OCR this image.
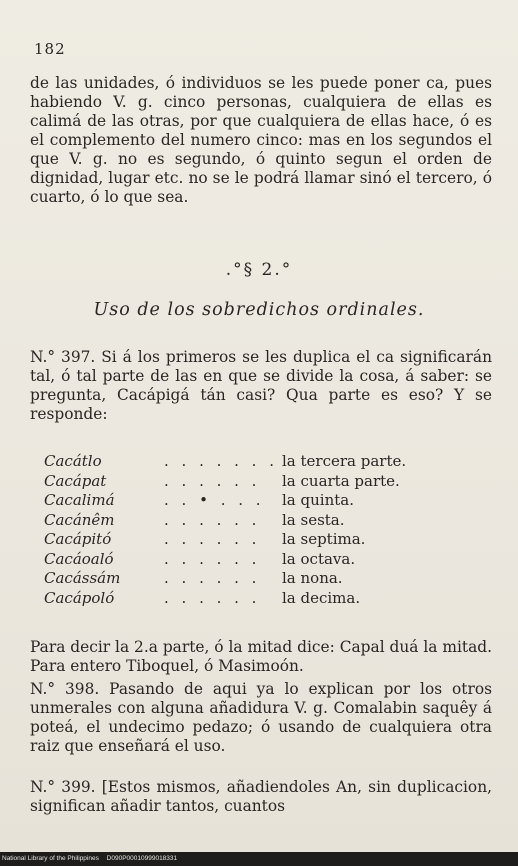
182
de las unidades, ó individuos se les puede poner ca, pues habiendo V. g. cinco personas, cualquiera de ellas es calimá de las otras, por que cualquiera de ellas hace, ó es el complemento del numero cinco: mas en los segundos el que V. g. no es segundo, ó quinto segun el orden de dignidad, lugar etc. no se le podrá llamar sinó el tercero, ó cuarto, ó lo que sea.
.°§ 2.°
Uso de los sobredichos ordinales.
N.° 397. Si á los primeros se les duplica el ca significarán tal, ó tal parte de las en que se divide la cosa, á saber: se pregunta, Cacápigá tán casi? Qua parte es eso? Y se responde:
Cacátlo	. . . . . . . la tercera parte.
Cacápat	. . . . . .	la cuarta parte.
Cacalimá	. . • . . .	la quinta.
Cacánêm	. . . . . .	la sesta.
Cacápitó	. . . . . .	la septima.
Cacáoaló	. . . . . .	la octava.
Cacássám	. . . . . .	la nona.
Cacápoló	. . . . . .	la decima.
Para decir la 2.a parte, ó la mitad dice: Capal duá la mitad. Para entero Tiboquel, ó Masimoón.
N.° 398. Pasando de aqui ya lo explican por los otros unmerales con alguna añadidura V. g. Comalabin saquêy á poteá, el undecimo pedazo; ó usando de cualquiera otra raiz que enseñará el uso.
N.° 399. [Estos mismos, añadiendoles An, sin duplicacion, significan añadir tantos, cuantos
National Library of the Philippines D090P00010999018331
